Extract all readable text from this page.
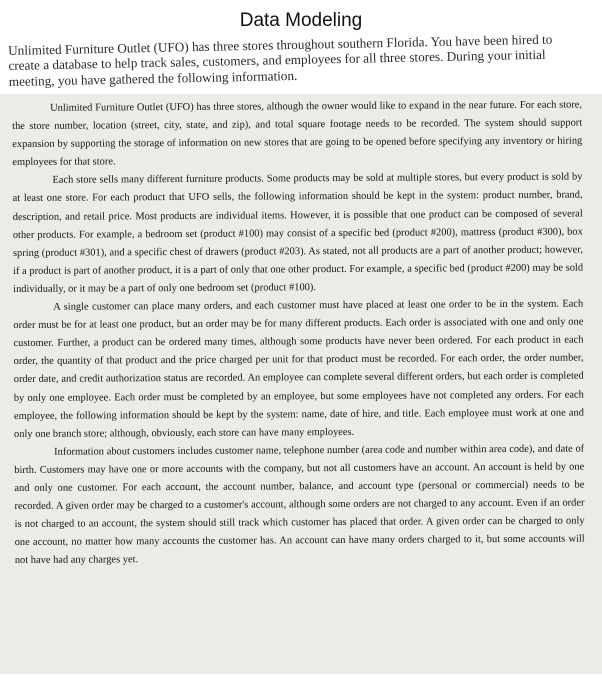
Data Modeling

Unlimited Furniture Outlet (UFO) has three stores throughout southern Florida. You have been hired to create a database to help track sales, customers, and employees for all three stores. During your initial meeting, you have gathered the following information.

Unlimited Furniture Outlet (UFO) has three stores, although the owner would like to expand in the near future. For each store, the store number, location (street, city, state, and zip), and total square footage needs to be recorded. The system should support expansion by supporting the storage of information on new stores that are going to be opened before specifying any inventory or hiring employees for that store.

Each store sells many different furniture products. Some products may be sold at multiple stores, but every product is sold by at least one store. For each product that UFO sells, the following information should be kept in the system: product number, brand, description, and retail price. Most products are individual items. However, it is possible that one product can be composed of several other products. For example, a bedroom set (product #100) may consist of a specific bed (product #200), mattress (product #300), box spring (product #301), and a specific chest of drawers (product #203). As stated, not all products are a part of another product; however, if a product is part of another product, it is a part of only that one other product. For example, a specific bed (product #200) may be sold individually, or it may be a part of only one bedroom set (product #100).

A single customer can place many orders, and each customer must have placed at least one order to be in the system. Each order must be for at least one product, but an order may be for many different products. Each order is associated with one and only one customer. Further, a product can be ordered many times, although some products have never been ordered. For each product in each order, the quantity of that product and the price charged per unit for that product must be recorded. For each order, the order number, order date, and credit authorization status are recorded. An employee can complete several different orders, but each order is completed by only one employee. Each order must be completed by an employee, but some employees have not completed any orders. For each employee, the following information should be kept by the system: name, date of hire, and title. Each employee must work at one and only one branch store; although, obviously, each store can have many employees.

Information about customers includes customer name, telephone number (area code and number within area code), and date of birth. Customers may have one or more accounts with the company, but not all customers have an account. An account is held by one and only one customer. For each account, the account number, balance, and account type (personal or commercial) needs to be recorded. A given order may be charged to a customer's account, although some orders are not charged to any account. Even if an order is not charged to an account, the system should still track which customer has placed that order. A given order can be charged to only one account, no matter how many accounts the customer has. An account can have many orders charged to it, but some accounts will not have had any charges yet.
